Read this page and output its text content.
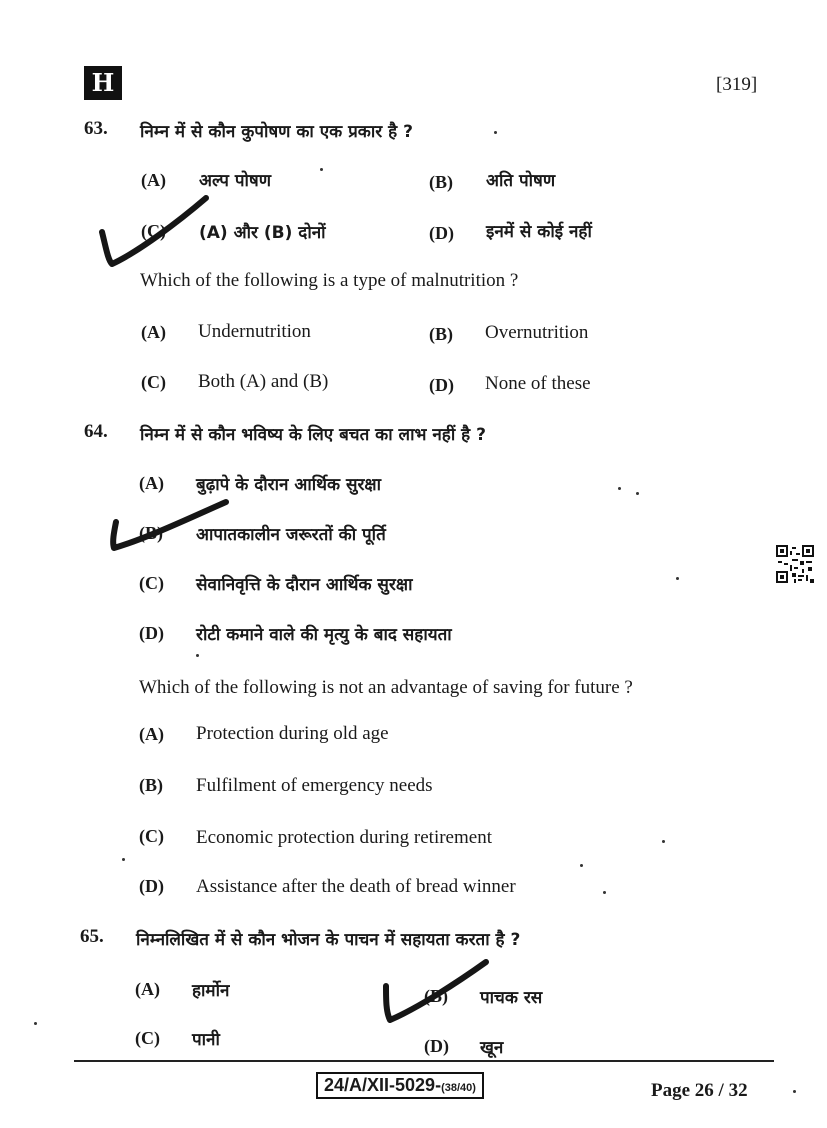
H	[319]
63. निम्न में से कौन कुपोषण का एक प्रकार है ?
(A) अल्प पोषण	(B) अति पोषण
(C) (A) और (B) दोनों	(D) इनमें से कोई नहीं
Which of the following is a type of malnutrition ?
(A) Undernutrition	(B) Overnutrition
(C) Both (A) and (B)	(D) None of these
64. निम्न में से कौन भविष्य के लिए बचत का लाभ नहीं है ?
(A) बुढ़ापे के दौरान आर्थिक सुरक्षा
(B) आपातकालीन जरूरतों की पूर्ति
(C) सेवानिवृत्ति के दौरान आर्थिक सुरक्षा
(D) रोटी कमाने वाले की मृत्यु के बाद सहायता
Which of the following is not an advantage of saving for future ?
(A) Protection during old age
(B) Fulfilment of emergency needs
(C) Economic protection during retirement
(D) Assistance after the death of bread winner
65. निम्नलिखित में से कौन भोजन के पाचन में सहायता करता है ?
(A) हार्मोन	(B) पाचक रस
(C) पानी	(D) खून
24/A/XII-5029-(38/40)	Page 26 / 32
